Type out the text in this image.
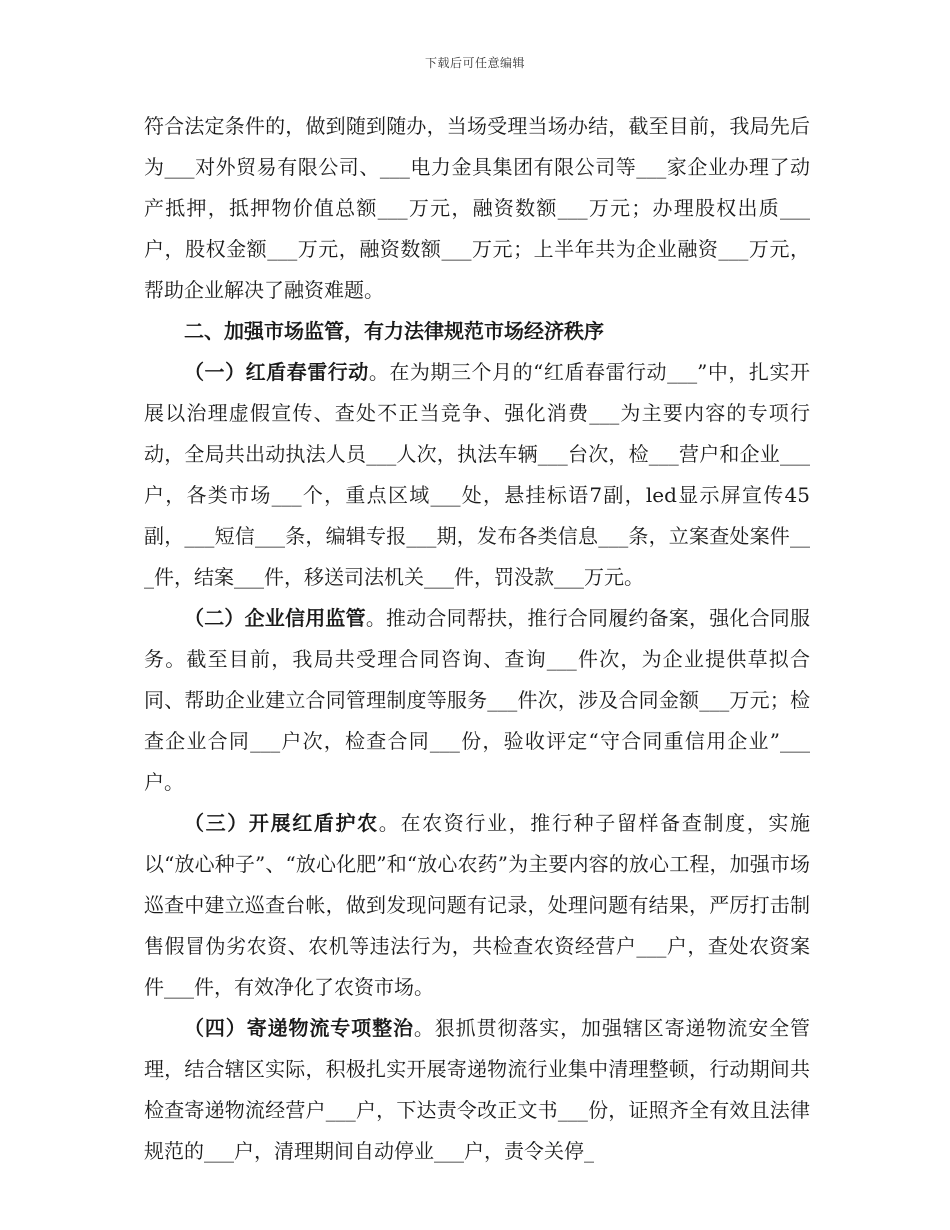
下载后可任意编辑

符合法定条件的，做到随到随办，当场受理当场办结，截至目前，我局先后为___对外贸易有限公司、___电力金具集团有限公司等___家企业办理了动产抵押，抵押物价值总额___万元，融资数额___万元；办理股权出质___户，股权金额___万元，融资数额___万元；上半年共为企业融资___万元，帮助企业解决了融资难题。

二、加强市场监管，有力法律规范市场经济秩序

（一）红盾春雷行动。在为期三个月的“红盾春雷行动___”中，扎实开展以治理虚假宣传、查处不正当竞争、强化消费___为主要内容的专项行动，全局共出动执法人员___人次，执法车辆___台次，检___营户和企业___户，各类市场___个，重点区域___处，悬挂标语7副，led显示屏宣传45副，___短信___条，编辑专报___期，发布各类信息___条，立案查处案件___件，结案___件，移送司法机关___件，罚没款___万元。

（二）企业信用监管。推动合同帮扶，推行合同履约备案，强化合同服务。截至目前，我局共受理合同咨询、查询___件次，为企业提供草拟合同、帮助企业建立合同管理制度等服务___件次，涉及合同金额___万元；检查企业合同___户次，检查合同___份，验收评定“守合同重信用企业”___户。

（三）开展红盾护农。在农资行业，推行种子留样备查制度，实施以“放心种子”、“放心化肥”和“放心农药”为主要内容的放心工程，加强市场巡查中建立巡查台帐，做到发现问题有记录，处理问题有结果，严厉打击制售假冒伪劣农资、农机等违法行为，共检查农资经营户___户，查处农资案件___件，有效净化了农资市场。

（四）寄递物流专项整治。狠抓贯彻落实，加强辖区寄递物流安全管理，结合辖区实际，积极扎实开展寄递物流行业集中清理整顿，行动期间共检查寄递物流经营户___户，下达责令改正文书___份，证照齐全有效且法律规范的___户，清理期间自动停业___户，责令关停_
